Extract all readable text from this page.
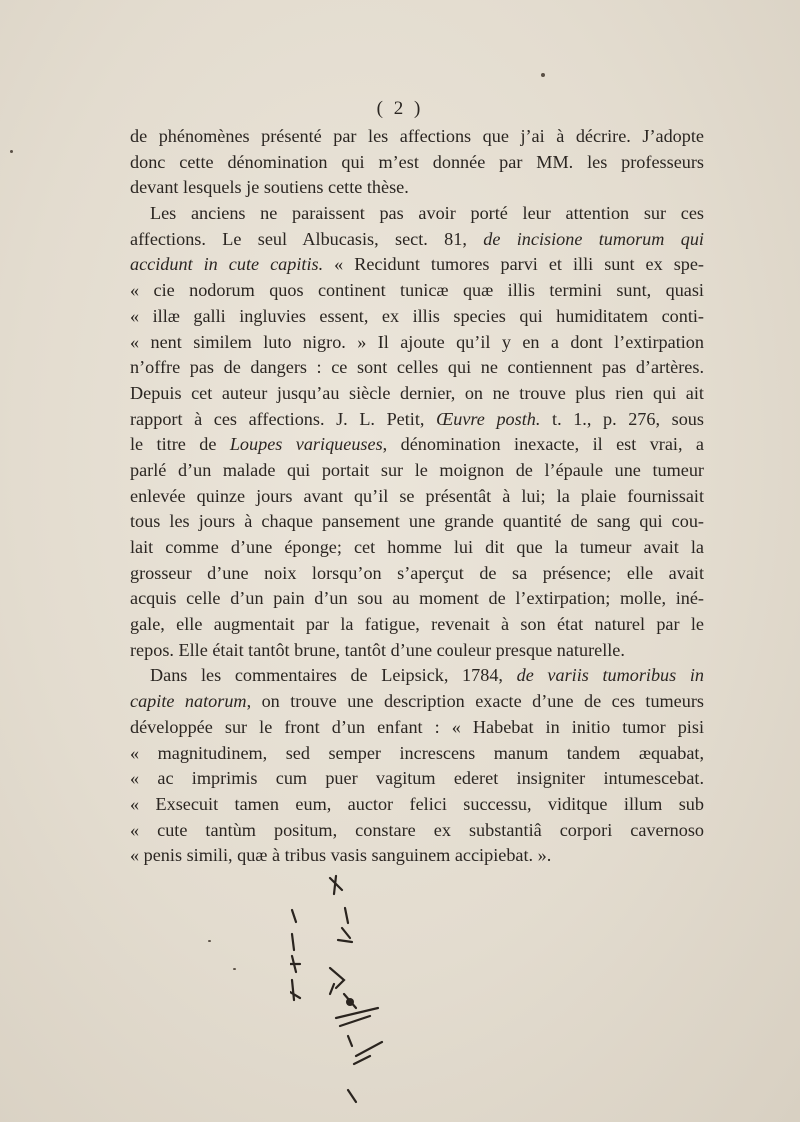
( 2 )
de phénomènes présenté par les affections que j’ai à décrire. J’adopte
donc cette dénomination qui m’est donnée par MM. les professeurs
devant lesquels je soutiens cette thèse.
Les anciens ne paraissent pas avoir porté leur attention sur ces
affections. Le seul Albucasis, sect. 81, de incisione tumorum qui
accidunt in cute capitis. « Recidunt tumores parvi et illi sunt ex spe-
« cie nodorum quos continent tunicæ quæ illis termini sunt, quasi
« illæ galli ingluvies essent, ex illis species qui humiditatem conti-
« nent similem luto nigro. » Il ajoute qu’il y en a dont l’extirpation
n’offre pas de dangers : ce sont celles qui ne contiennent pas d’artères.
Depuis cet auteur jusqu’au siècle dernier, on ne trouve plus rien qui ait
rapport à ces affections. J. L. Petit, Œuvre posth. t. 1., p. 276, sous
le titre de Loupes variqueuses, dénomination inexacte, il est vrai, a
parlé d’un malade qui portait sur le moignon de l’épaule une tumeur
enlevée quinze jours avant qu’il se présentât à lui; la plaie fournissait
tous les jours à chaque pansement une grande quantité de sang qui cou-
lait comme d’une éponge; cet homme lui dit que la tumeur avait la
grosseur d’une noix lorsqu’on s’aperçut de sa présence; elle avait
acquis celle d’un pain d’un sou au moment de l’extirpation; molle, iné-
gale, elle augmentait par la fatigue, revenait à son état naturel par le
repos. Elle était tantôt brune, tantôt d’une couleur presque naturelle.
Dans les commentaires de Leipsick, 1784, de variis tumoribus in
capite natorum, on trouve une description exacte d’une de ces tumeurs
développée sur le front d’un enfant : « Habebat in initio tumor pisi
« magnitudinem, sed semper increscens manum tandem æquabat,
« ac imprimis cum puer vagitum ederet insigniter intumescebat.
« Exsecuit tamen eum, auctor felici successu, viditque illum sub
« cute tantùm positum, constare ex substantiâ corpori cavernoso
« penis simili, quæ à tribus vasis sanguinem accipiebat. ».
